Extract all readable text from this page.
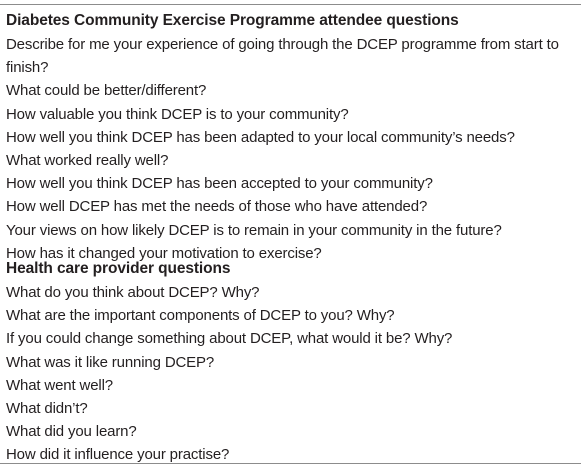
Diabetes Community Exercise Programme attendee questions
Describe for me your experience of going through the DCEP programme from start to finish?
What could be better/different?
How valuable you think DCEP is to your community?
How well you think DCEP has been adapted to your local community’s needs?
What worked really well?
How well you think DCEP has been accepted to your community?
How well DCEP has met the needs of those who have attended?
Your views on how likely DCEP is to remain in your community in the future?
How has it changed your motivation to exercise?
Health care provider questions
What do you think about DCEP? Why?
What are the important components of DCEP to you? Why?
If you could change something about DCEP, what would it be? Why?
What was it like running DCEP?
What went well?
What didn’t?
What did you learn?
How did it influence your practise?
